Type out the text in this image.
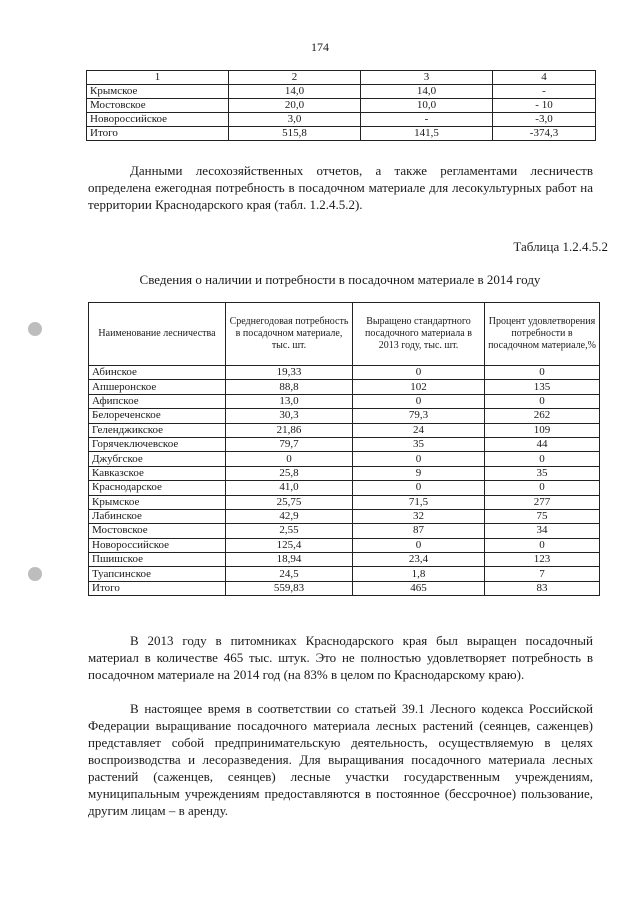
174
1	2	3	4
Крымское	14,0	14,0	-
Мостовское	20,0	10,0	- 10
Новороссийское	3,0	-	-3,0
Итого	515,8	141,5	-374,3
Данными лесохозяйственных отчетов, а также регламентами лесничеств определена ежегодная потребность в посадочном материале для лесокультурных работ на территории Краснодарского края (табл. 1.2.4.5.2).
Таблица 1.2.4.5.2
Сведения о наличии и потребности в посадочном материале в 2014 году
Наименование лесничества	Среднегодовая потребность в посадочном материале, тыс. шт.	Выращено стандартного посадочного материала в 2013 году, тыс. шт.	Процент удовлетворения потребности в посадочном материале,%
Абинское	19,33	0	0
Апшеронское	88,8	102	135
Афипское	13,0	0	0
Белореченское	30,3	79,3	262
Геленджикское	21,86	24	109
Горячеключевское	79,7	35	44
Джубгское	0	0	0
Кавказское	25,8	9	35
Краснодарское	41,0	0	0
Крымское	25,75	71,5	277
Лабинское	42,9	32	75
Мостовское	2,55	87	34
Новороссийское	125,4	0	0
Пшишское	18,94	23,4	123
Туапсинское	24,5	1,8	7
Итого	559,83	465	83
В 2013 году в питомниках Краснодарского края был выращен посадочный материал в количестве 465 тыс. штук. Это не полностью удовлетворяет потребность в посадочном материале на 2014 год (на 83% в целом по Краснодарскому краю).
В настоящее время в соответствии со статьей 39.1 Лесного кодекса Российской Федерации выращивание посадочного материала лесных растений (сеянцев, саженцев) представляет собой предпринимательскую деятельность, осуществляемую в целях воспроизводства и лесоразведения. Для выращивания посадочного материала лесных растений (саженцев, сеянцев) лесные участки государственным учреждениям, муниципальным учреждениям предоставляются в постоянное (бессрочное) пользование, другим лицам – в аренду.
